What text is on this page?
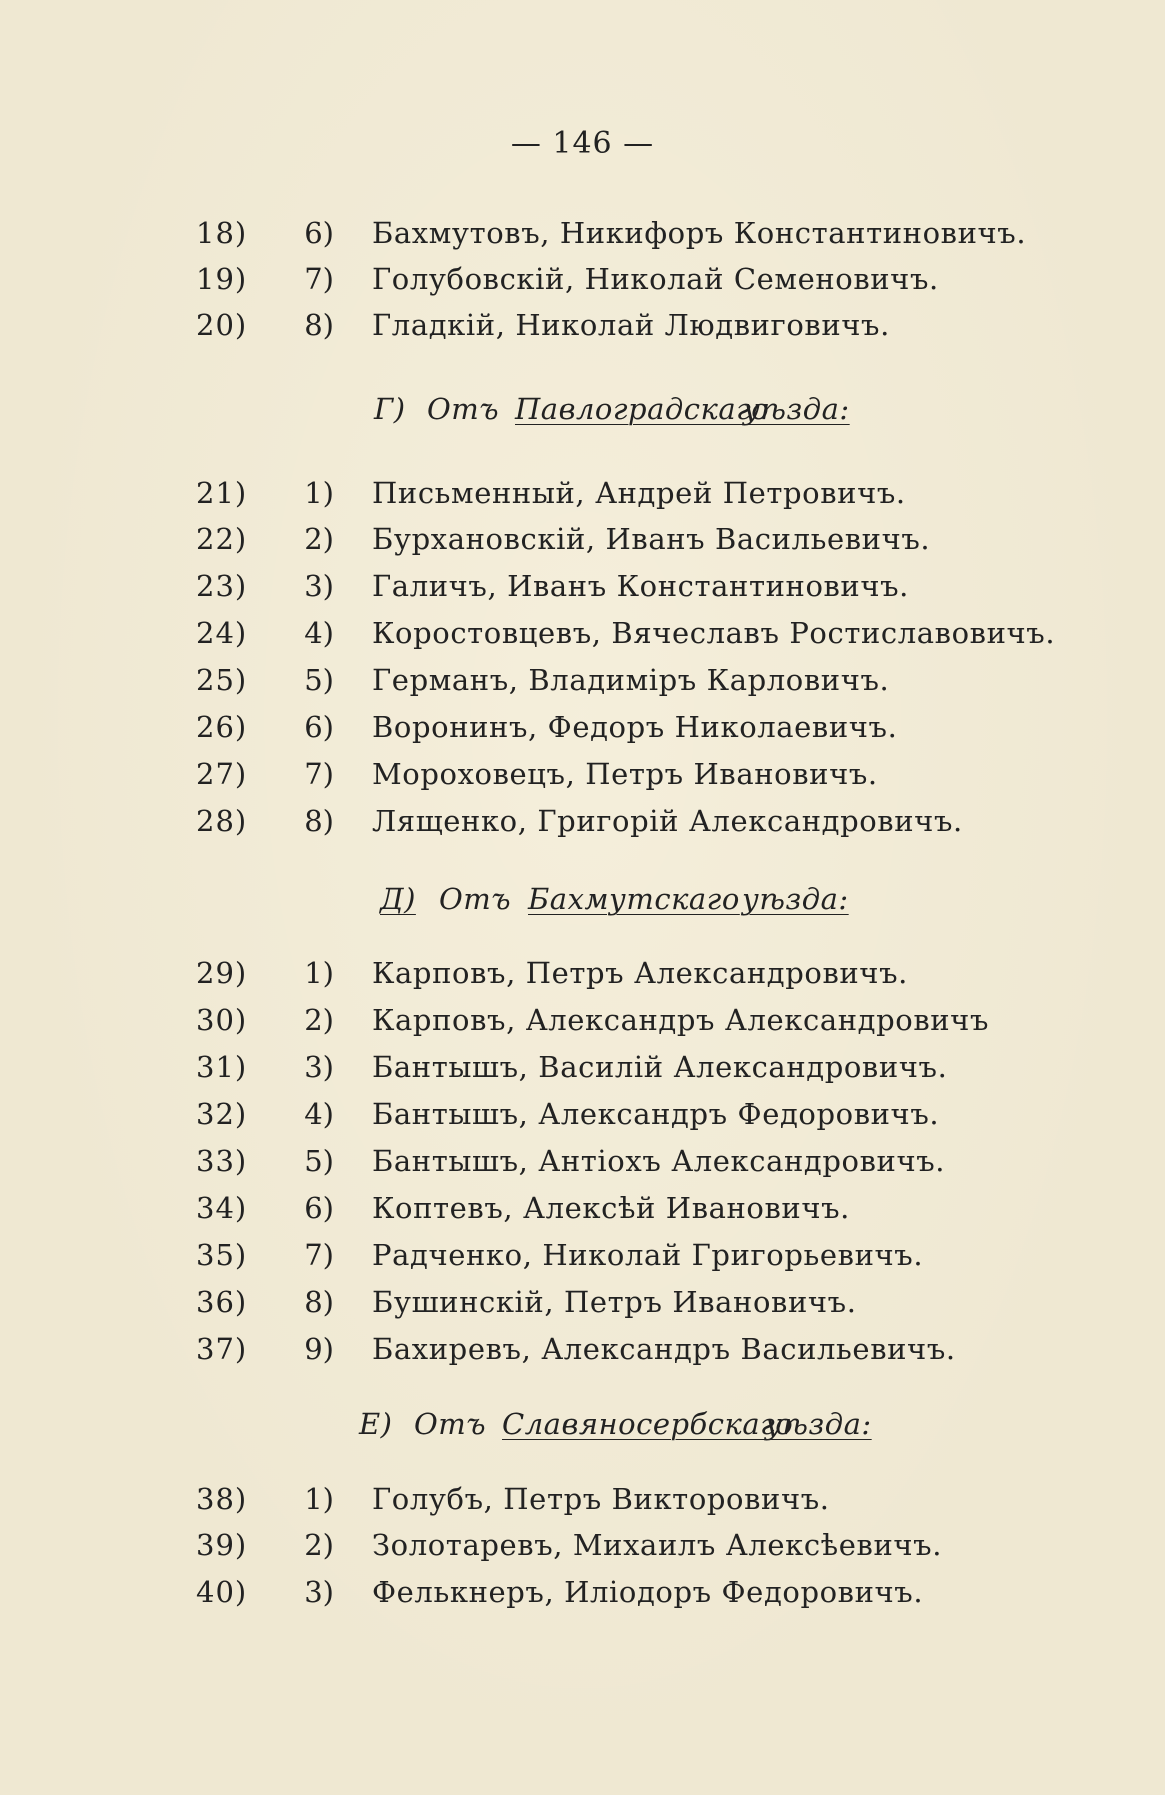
— 146 —
18)	6) Бахмутовъ, Никифоръ Константиновичъ.
19)	7) Голубовскій, Николай Семеновичъ.
20)	8) Гладкій, Николай Людвиговичъ.
Г) Отъ Павлоградскаго
уѣзда:
21)	1) Письменный, Андрей Петровичъ.
22)	2) Бурхановскій, Иванъ Васильевичъ.
23)	3) Галичъ, Иванъ Константиновичъ.
24)	4) Коростовцевъ, Вячеславъ Ростиславовичъ.
25)	5) Германъ, Владиміръ Карловичъ.
26)	6) Воронинъ, Федоръ Николаевичъ.
27)	7) Мороховецъ, Петръ Ивановичъ.
28)	8) Лященко, Григорій Александровичъ.
Д) Отъ Бахмутскаго уѣзда:
29)	1) Карповъ, Петръ Александровичъ.
30)	2) Карповъ, Александръ Александровичъ
31)	3) Бантышъ, Василій Александровичъ.
32)	4) Бантышъ, Александръ Федоровичъ.
33)	5) Бантышъ, Антіохъ Александровичъ.
34)	6) Коптевъ, Алексѣй Ивановичъ.
35)	7) Радченко, Николай Григорьевичъ.
36)	8) Бушинскій, Петръ Ивановичъ.
37)	9) Бахиревъ, Александръ Васильевичъ.
Е) Отъ Славяносербскаго
уѣзда:
38)	1) Голубъ, Петръ Викторовичъ.
39)	2) Золотаревъ, Михаилъ Алексѣевичъ.
40)	3) Фелькнеръ, Иліодоръ Федоровичъ.
